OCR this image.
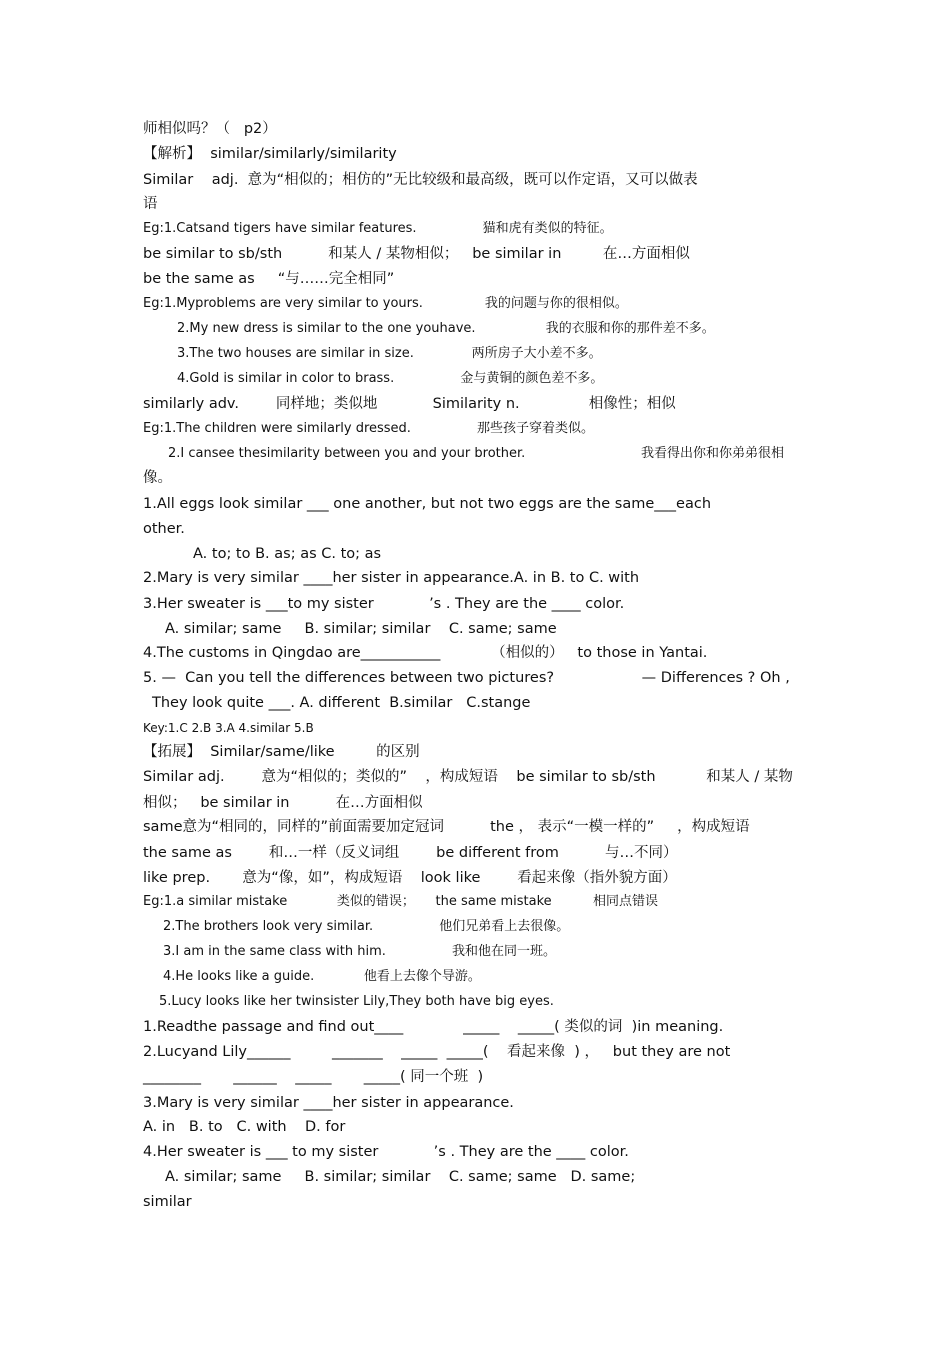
师相似吗？（   p2）
【解析】  similar/similarly/similarity
Similar    adj.  意为“相似的；相仿的”无比较级和最高级，既可以作定语，又可以做表
语
Eg:1.Catsand tigers have similar features.                猫和虎有类似的特征。
be similar to sb/sth          和某人 / 某物相似；   be similar in         在…方面相似
be the same as     “与……完全相同”
Eg:1.Myproblems are very similar to yours.               我的问题与你的很相似。
2.My new dress is similar to the one youhave.                 我的衣服和你的那件差不多。
3.The two houses are similar in size.              两所房子大小差不多。
4.Gold is similar in color to brass.                金与黄铜的颜色差不多。
similarly adv.        同样地；类似地            Similarity n.               相像性；相似
Eg:1.The children were similarly dressed.                那些孩子穿着类似。
2.I cansee thesimilarity between you and your brother.                            我看得出你和你弟弟很相
像。
1.All eggs look similar ___ one another, but not two eggs are the same___each
other.
A. to; to B. as; as C. to; as
2.Mary is very similar ____her sister in appearance.A. in B. to C. with
3.Her sweater is ___to my sister            ’s . They are the ____ color.
A. similar; same     B. similar; similar    C. same; same
4.The customs in Qingdao are___________           （相似的）   to those in Yantai.
5. —  Can you tell the differences between two pictures?                   — Differences ? Oh ,
They look quite ___. A. different  B.similar   C.stange
Key:1.C 2.B 3.A 4.similar 5.B
【拓展】  Similar/same/like         的区别
Similar adj.        意为“相似的；类似的”    ，构成短语    be similar to sb/sth           和某人 / 某物
相似；   be similar in          在…方面相似
same意为“相同的，同样的”前面需要加定冠词          the ， 表示“一模一样的”     ，构成短语
the same as        和…一样（反义词组        be different from          与…不同）
like prep.       意为“像，如”，构成短语    look like        看起来像（指外貌方面）
Eg:1.a similar mistake            类似的错误；     the same mistake          相同点错误
2.The brothers look very similar.                他们兄弟看上去很像。
3.I am in the same class with him.                我和他在同一班。
4.He looks like a guide.            他看上去像个导游。
5.Lucy looks like her twinsister Lily,They both have big eyes.
1.Readthe passage and find out____             _____    _____( 类似的词  )in meaning.
2.Lucyand Lily______         _______    _____  _____(    看起来像  ) ，   but they are not
________       ______    _____       _____( 同一个班  )
3.Mary is very similar ____her sister in appearance.
A. in   B. to   C. with    D. for
4.Her sweater is ___ to my sister            ’s . They are the ____ color.
A. similar; same     B. similar; similar    C. same; same   D. same;
similar
